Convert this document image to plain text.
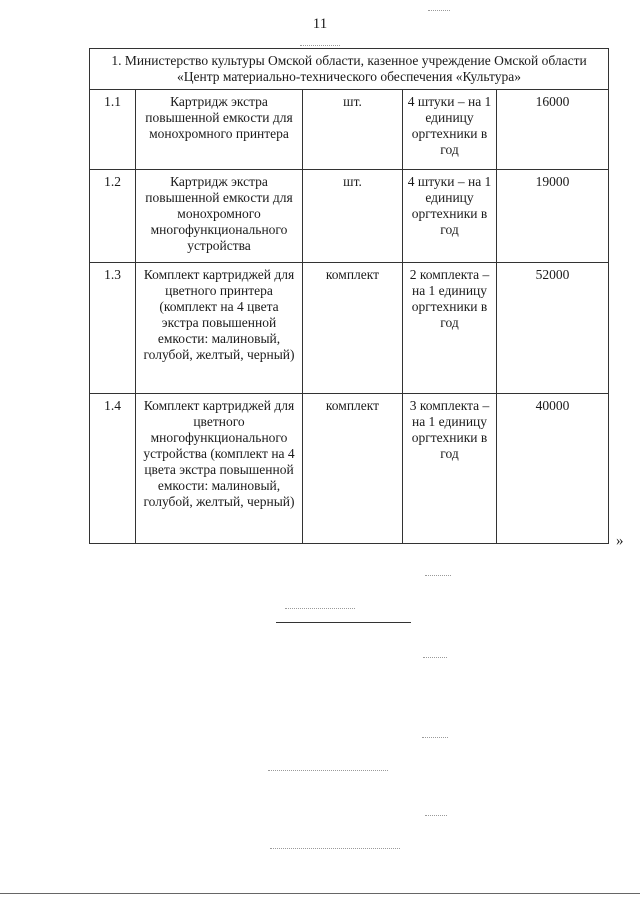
11
1. Министерство культуры Омской области, казенное учреждение Омской области «Центр материально-технического обеспечения «Культура»				
1.1	Картридж экстра повышенной емкости для монохромного принтера	шт.	4 штуки – на 1 единицу оргтехники в год	16000
1.2	Картридж экстра повышенной емкости для монохромного многофункционального устройства	шт.	4 штуки – на 1 единицу оргтехники в год	19000
1.3	Комплект картриджей для цветного принтера (комплект на 4 цвета экстра повышенной емкости: малиновый, голубой, желтый, черный)	комплект	2 комплекта – на 1 единицу оргтехники в год	52000
1.4	Комплект картриджей для цветного многофункционального устройства (комплект на 4 цвета экстра повышенной емкости: малиновый, голубой, желтый, черный)	комплект	3 комплекта – на 1 единицу оргтехники в год	40000
»
